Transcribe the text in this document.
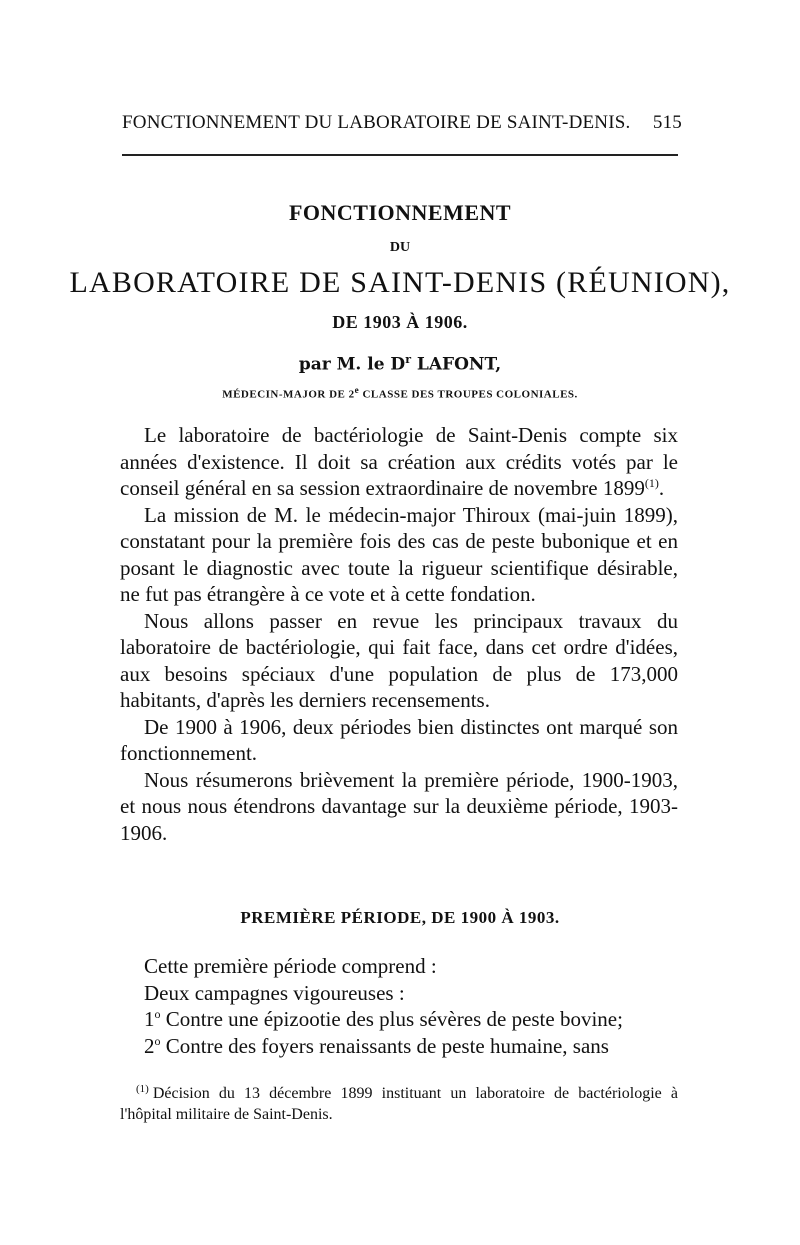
FONCTIONNEMENT DU LABORATOIRE DE SAINT-DENIS. 515
FONCTIONNEMENT
DU
LABORATOIRE DE SAINT-DENIS (RÉUNION),
DE 1903 À 1906.
par M. le $D^r$ LAFONT,
MÉDECIN-MAJOR DE 2e CLASSE DES TROUPES COLONIALES.

Le laboratoire de bactériologie de Saint-Denis compte six années d'existence. Il doit sa création aux crédits votés par le conseil général en sa session extraordinaire de novembre 1899$^{(1)}$.

La mission de M. le médecin-major Thiroux (mai-juin 1899), constatant pour la première fois des cas de peste bubonique et en posant le diagnostic avec toute la rigueur scientifique désirable, ne fut pas étrangère à ce vote et à cette fondation.

Nous allons passer en revue les principaux travaux du laboratoire de bactériologie, qui fait face, dans cet ordre d'idées, aux besoins spéciaux d'une population de plus de 173,000 habitants, d'après les derniers recensements.

De 1900 à 1906, deux périodes bien distinctes ont marqué son fonctionnement.

Nous résumerons brièvement la première période, 1900-1903, et nous nous étendrons davantage sur la deuxième période, 1903-1906.

PREMIÈRE PÉRIODE, DE 1900 À 1903.

Cette première période comprend :

Deux campagnes vigoureuses :

1$^o$ Contre une épizootie des plus sévères de peste bovine;

2$^o$ Contre des foyers renaissants de peste humaine, sans

$^{(1)}$ Décision du 13 décembre 1899 instituant un laboratoire de bactériologie à l'hôpital militaire de Saint-Denis.
